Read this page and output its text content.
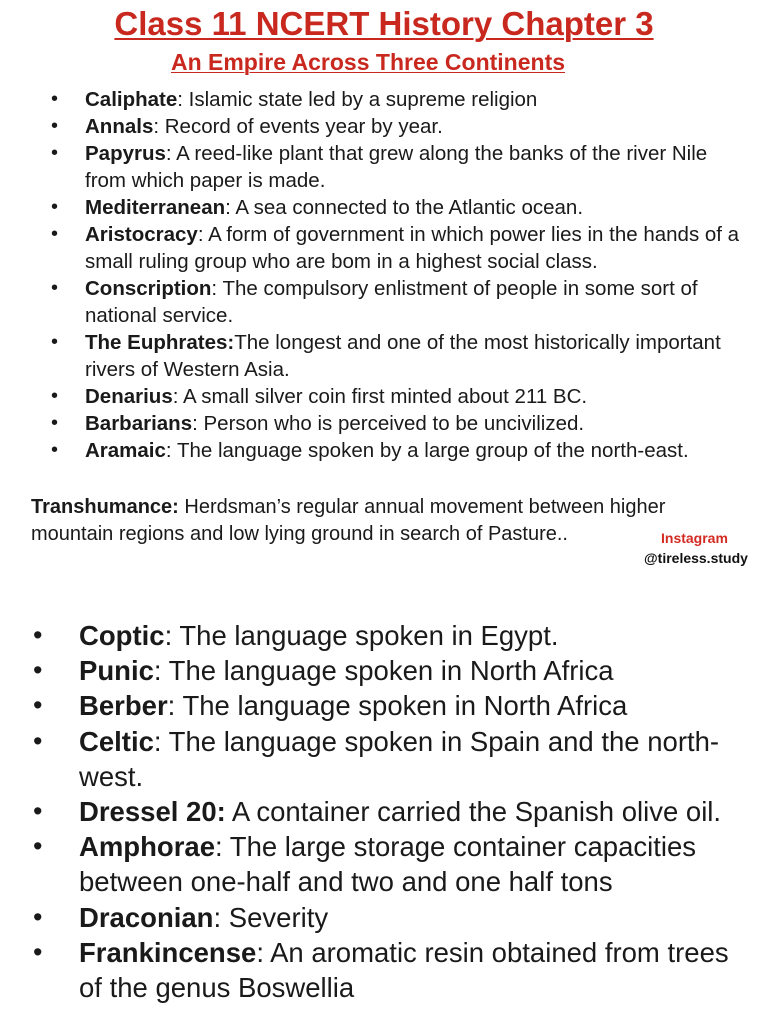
Class 11 NCERT History Chapter 3
An Empire Across Three Continents
• Caliphate: Islamic state led by a supreme religion
• Annals: Record of events year by year.
• Papyrus: A reed-like plant that grew along the banks of the river Nile from which paper is made.
• Mediterranean: A sea connected to the Atlantic ocean.
• Aristocracy: A form of government in which power lies in the hands of a small ruling group who are bom in a highest social class.
• Conscription: The compulsory enlistment of people in some sort of national service.
• The Euphrates:The longest and one of the most historically important rivers of Western Asia.
• Denarius: A small silver coin first minted about 211 BC.
• Barbarians: Person who is perceived to be uncivilized.
• Aramaic: The language spoken by a large group of the north-east.
Transhumance: Herdsman’s regular annual movement between higher mountain regions and low lying ground in search of Pasture..	Instagram
@tireless.study
• Coptic: The language spoken in Egypt.
• Punic: The language spoken in North Africa
• Berber: The language spoken in North Africa
• Celtic: The language spoken in Spain and the north-west.
• Dressel 20: A container carried the Spanish olive oil.
• Amphorae: The large storage container capacities between one-half and two and one half tons
• Draconian: Severity
• Frankincense: An aromatic resin obtained from trees of the genus Boswellia
